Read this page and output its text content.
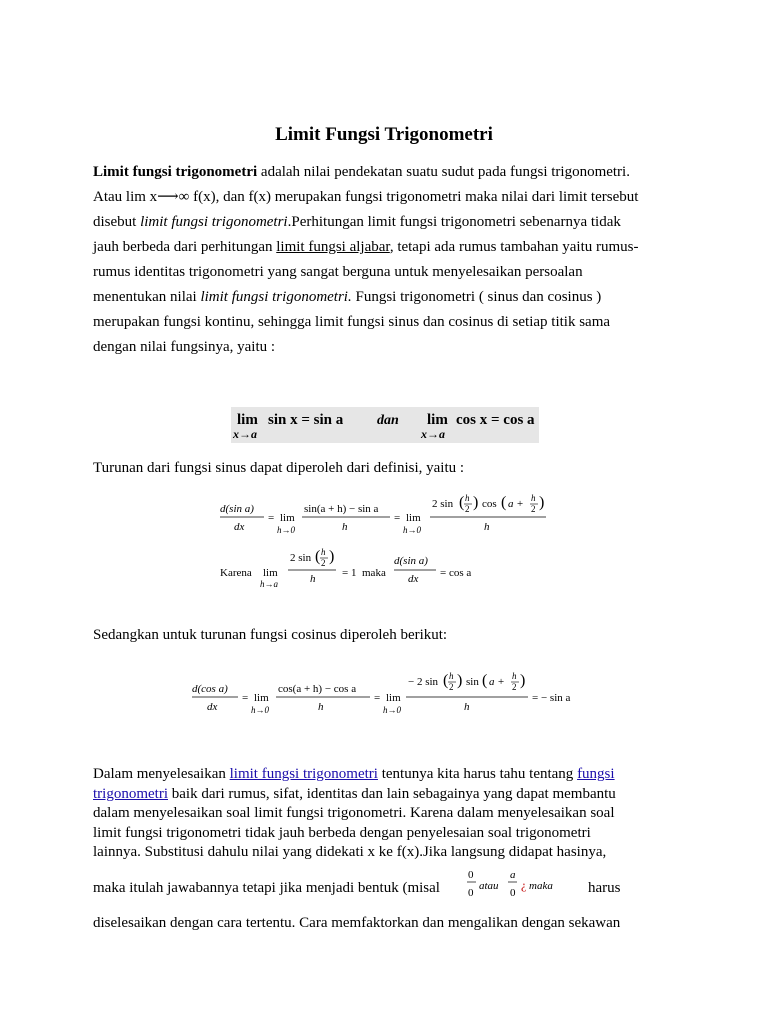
Limit Fungsi Trigonometri

Limit fungsi trigonometri adalah nilai pendekatan suatu sudut pada fungsi trigonometri.

Atau lim x⟶∞ f(x), dan f(x) merupakan fungsi trigonometri maka nilai dari limit tersebut

disebut limit fungsi trigonometri.Perhitungan limit fungsi trigonometri sebenarnya tidak

jauh berbeda dari perhitungan limit fungsi aljabar, tetapi ada rumus tambahan yaitu rumus-

rumus identitas trigonometri yang sangat berguna untuk menyelesaikan persoalan

menentukan nilai limit fungsi trigonometri. Fungsi trigonometri ( sinus dan cosinus )

merupakan fungsi kontinu, sehingga limit fungsi sinus dan cosinus di setiap titik sama

dengan nilai fungsinya, yaitu :

lim
x→a
sin x = sin a dan lim
x→a
cos x = cos a
Turunan dari fungsi sinus dapat diperoleh dari definisi, yaitu :
d(sin a)
dx
= lim
h→0
sin(a + h) − sin a
h
= lim
h→0
2 sin ( h
2 ) cos ( a + h
2 )
h
Karena lim
h→a
2 sin ( h
2 )
h = 1 maka
d(sin a)
dx = cos a
Sedangkan untuk turunan fungsi cosinus diperoleh berikut:
d(cos a)
dx
= lim
h→0
cos(a + h) − cos a
h
= lim
h→0
− 2 sin ( h
2 ) sin ( a + h
2 )
h
= − sin a

Dalam menyelesaikan limit fungsi trigonometri tentunya kita harus tahu tentang fungsi

trigonometri baik dari rumus, sifat, identitas dan lain sebagainya yang dapat membantu

dalam menyelesaikan soal limit fungsi trigonometri. Karena dalam menyelesaikan soal

limit fungsi trigonometri tidak jauh berbeda dengan penyelesaian soal trigonometri

lainnya. Substitusi dahulu nilai yang didekati x ke f(x).Jika langsung didapat hasinya,

maka itulah jawabannya tetapi jika menjadi bentuk (misal
0
0
atau
a
0
¿ maka harus
diselesaikan dengan cara tertentu. Cara memfaktorkan dan mengalikan dengan sekawan
